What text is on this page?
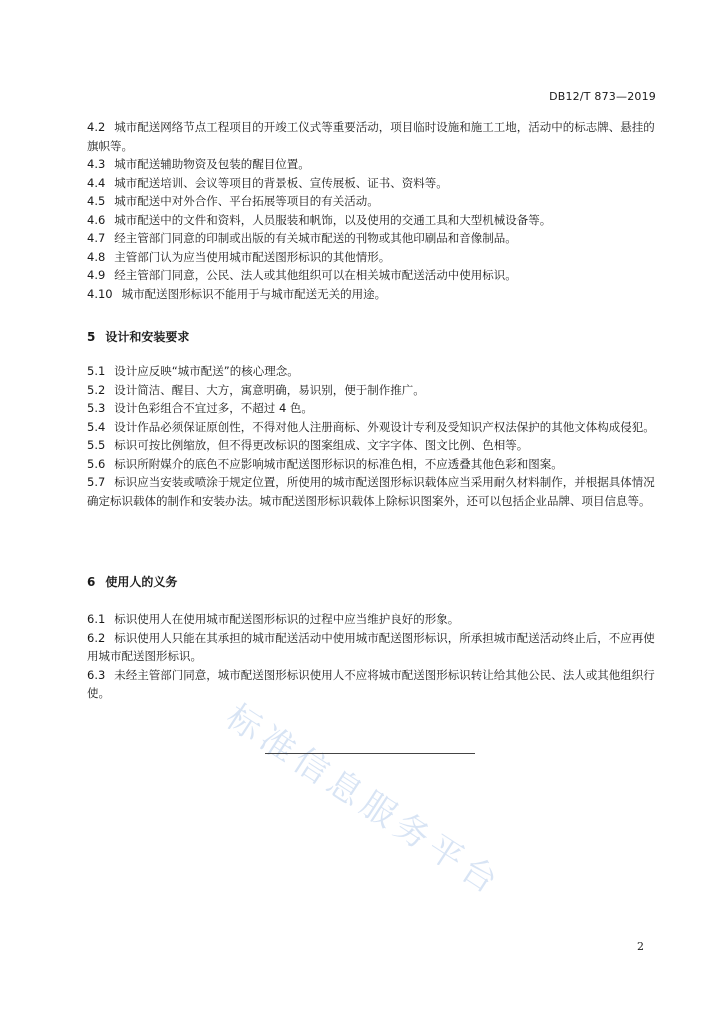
DB12/T 873—2019

4.2 城市配送网络节点工程项目的开竣工仪式等重要活动，项目临时设施和施工工地，活动中的标志牌、悬挂的旗帜等。

4.3 城市配送辅助物资及包装的醒目位置。

4.4 城市配送培训、会议等项目的背景板、宣传展板、证书、资料等。

4.5 城市配送中对外合作、平台拓展等项目的有关活动。

4.6 城市配送中的文件和资料，人员服装和帆饰，以及使用的交通工具和大型机械设备等。

4.7 经主管部门同意的印制或出版的有关城市配送的刊物或其他印刷品和音像制品。

4.8 主管部门认为应当使用城市配送图形标识的其他情形。

4.9 经主管部门同意，公民、法人或其他组织可以在相关城市配送活动中使用标识。

4.10 城市配送图形标识不能用于与城市配送无关的用途。

5 设计和安装要求

5.1 设计应反映“城市配送”的核心理念。

5.2 设计简洁、醒目、大方，寓意明确，易识别，便于制作推广。

5.3 设计色彩组合不宜过多，不超过 4 色。

5.4 设计作品必须保证原创性，不得对他人注册商标、外观设计专利及受知识产权法保护的其他文体构成侵犯。

5.5 标识可按比例缩放，但不得更改标识的图案组成、文字字体、图文比例、色相等。

5.6 标识所附媒介的底色不应影响城市配送图形标识的标准色相，不应透叠其他色彩和图案。

5.7 标识应当安装或喷涂于规定位置，所使用的城市配送图形标识载体应当采用耐久材料制作，并根据具体情况确定标识载体的制作和安装办法。城市配送图形标识载体上除标识图案外，还可以包括企业品牌、项目信息等。

6 使用人的义务

6.1 标识使用人在使用城市配送图形标识的过程中应当维护良好的形象。

6.2 标识使用人只能在其承担的城市配送活动中使用城市配送图形标识，所承担城市配送活动终止后，不应再使用城市配送图形标识。

6.3 未经主管部门同意，城市配送图形标识使用人不应将城市配送图形标识转让给其他公民、法人或其他组织行使。

标准信息服务平台
2
